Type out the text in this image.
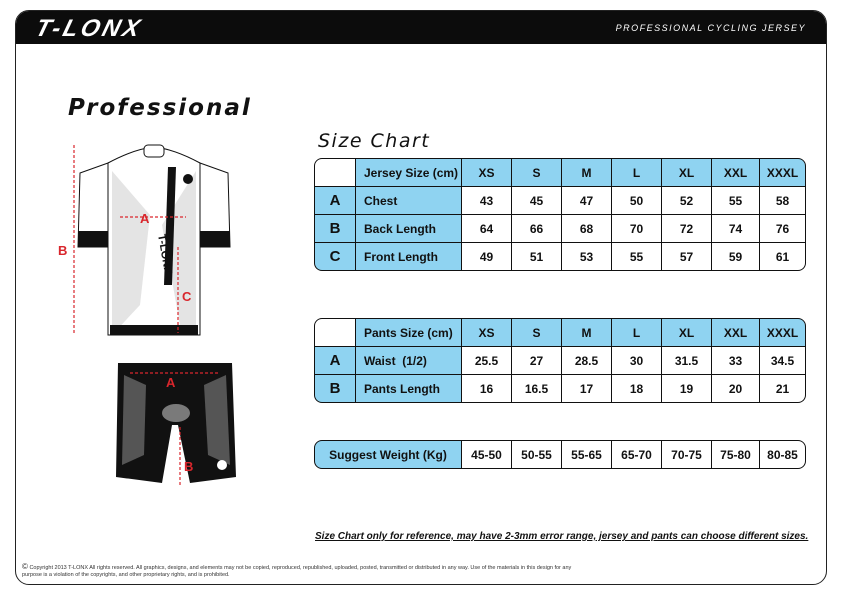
T-LONX	PROFESSIONAL CYCLING JERSEY
Professional
Size Chart
T-LONX
A
B
C
A
B
	Jersey Size (cm)	XS	S	M	L	XL	XXL	XXXL
A	Chest	43	45	47	50	52	55	58
B	Back Length	64	66	68	70	72	74	76
C	Front Length	49	51	53	55	57	59	61
	Pants Size (cm)	XS	S	M	L	XL	XXL	XXXL
A	Waist  (1/2)	25.5	27	28.5	30	31.5	33	34.5
B	Pants Length	16	16.5	17	18	19	20	21
Suggest Weight (Kg)	45-50	50-55	55-65	65-70	70-75	75-80	80-85
Size Chart only for reference, may have 2-3mm error range, jersey and pants can choose different sizes.
© Copyright 2013 T-LONX All rights reserved. All graphics, designs, and elements may not be copied, reproduced, republished, uploaded, posted, transmitted or distributed in any way. Use of the materials in this design for any purpose is a violation of the copyrights, and other proprietary rights, and is prohibited.
